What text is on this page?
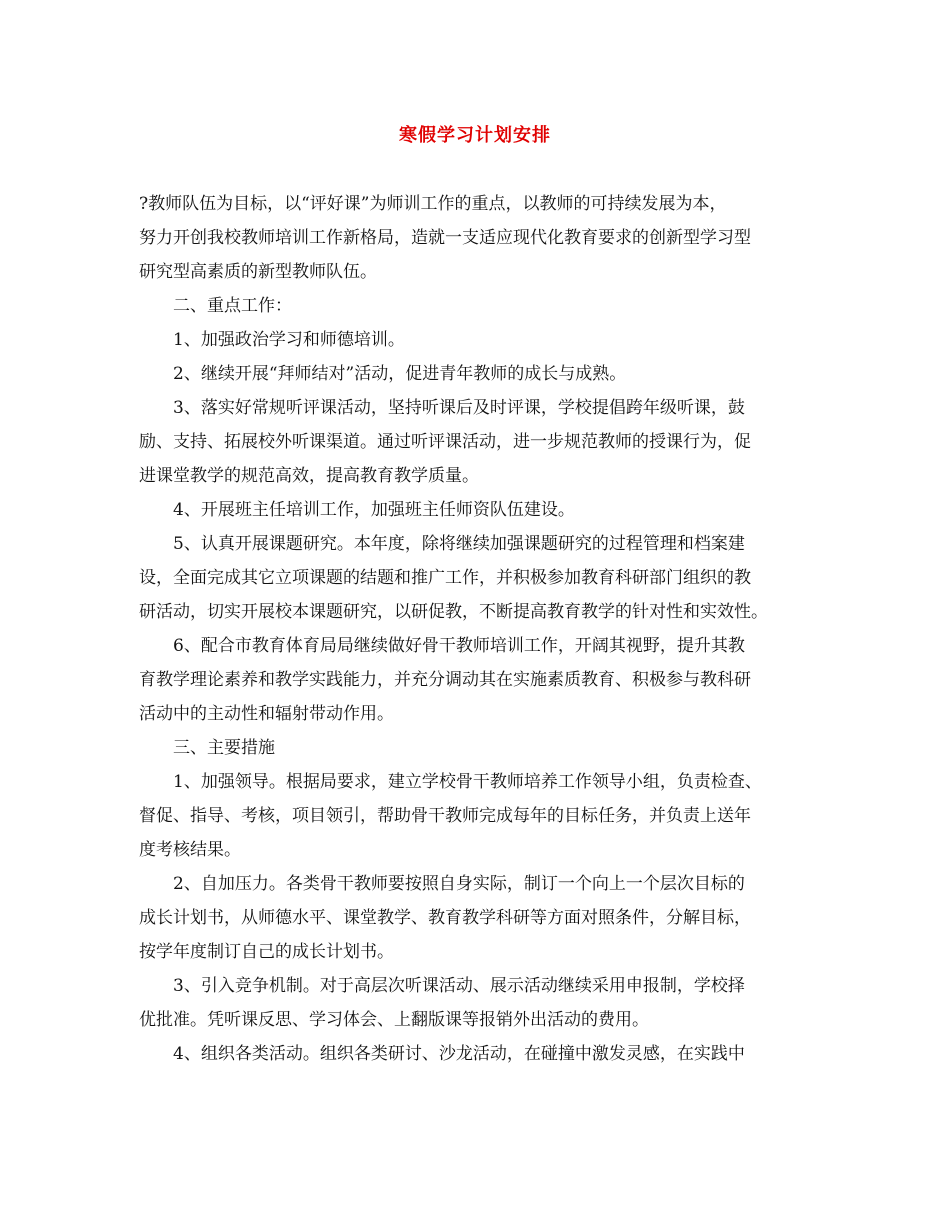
寒假学习计划安排
?教师队伍为目标，以“评好课”为师训工作的重点，以教师的可持续发展为本，
努力开创我校教师培训工作新格局，造就一支适应现代化教育要求的创新型学习型
研究型高素质的新型教师队伍。
二、重点工作：
1、加强政治学习和师德培训。
2、继续开展“拜师结对”活动，促进青年教师的成长与成熟。
3、落实好常规听评课活动，坚持听课后及时评课，学校提倡跨年级听课，鼓
励、支持、拓展校外听课渠道。通过听评课活动，进一步规范教师的授课行为，促
进课堂教学的规范高效，提高教育教学质量。
4、开展班主任培训工作，加强班主任师资队伍建设。
5、认真开展课题研究。本年度，除将继续加强课题研究的过程管理和档案建
设，全面完成其它立项课题的结题和推广工作，并积极参加教育科研部门组织的教
研活动，切实开展校本课题研究，以研促教，不断提高教育教学的针对性和实效性。
6、配合市教育体育局局继续做好骨干教师培训工作，开阔其视野，提升其教
育教学理论素养和教学实践能力，并充分调动其在实施素质教育、积极参与教科研
活动中的主动性和辐射带动作用。
三、主要措施
1、加强领导。根据局要求，建立学校骨干教师培养工作领导小组，负责检查、
督促、指导、考核，项目领引，帮助骨干教师完成每年的目标任务，并负责上送年
度考核结果。
2、自加压力。各类骨干教师要按照自身实际，制订一个向上一个层次目标的
成长计划书，从师德水平、课堂教学、教育教学科研等方面对照条件，分解目标，
按学年度制订自己的成长计划书。
3、引入竞争机制。对于高层次听课活动、展示活动继续采用申报制，学校择
优批准。凭听课反思、学习体会、上翻版课等报销外出活动的费用。
4、组织各类活动。组织各类研讨、沙龙活动，在碰撞中激发灵感，在实践中
